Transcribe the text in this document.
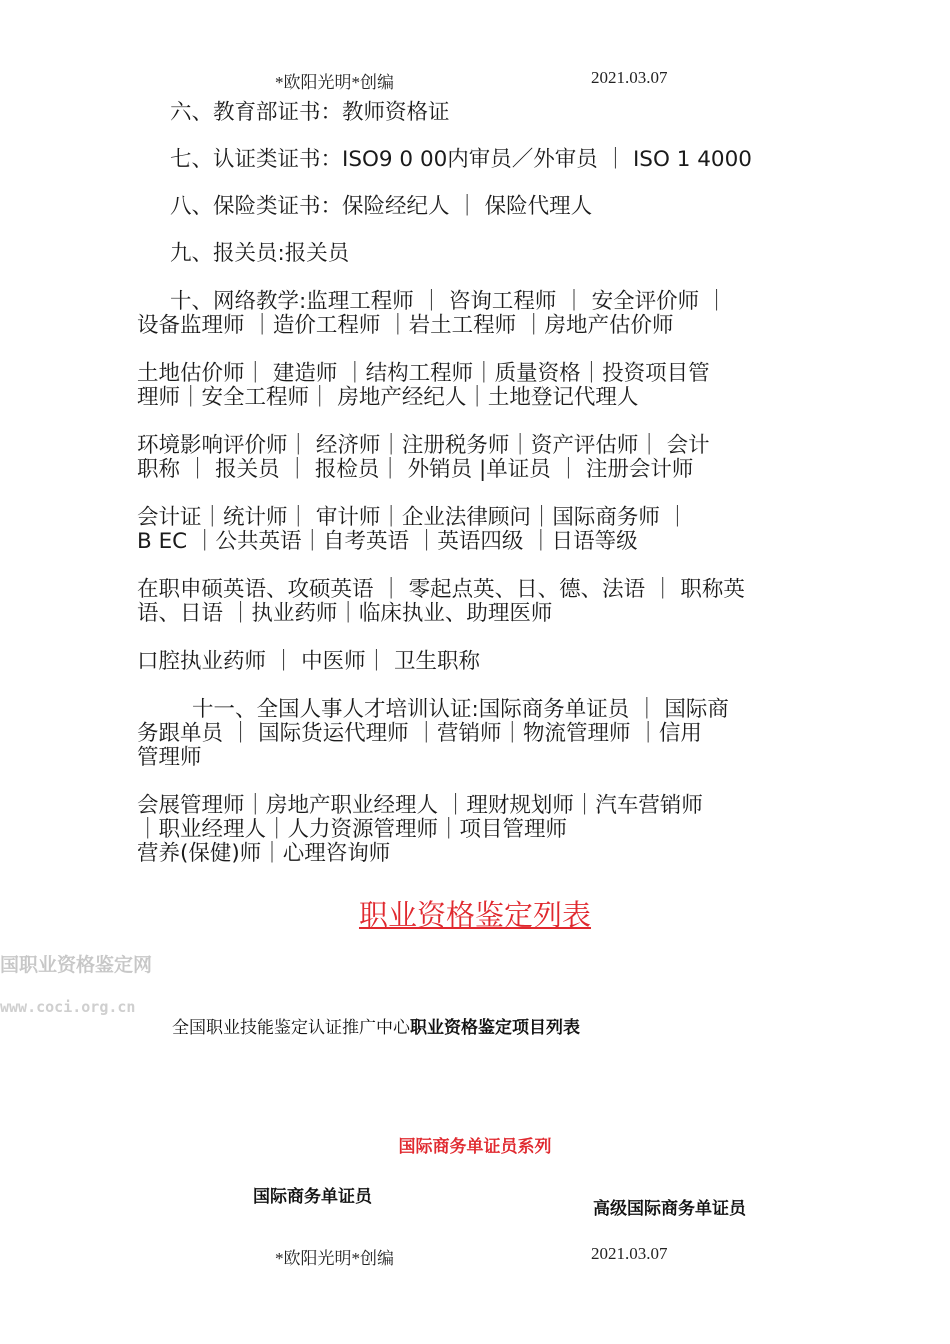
*欧阳光明*创编	2021.03.07
六、教育部证书：教师资格证
七、认证类证书：ISO9 0 00内审员／外审员 ｜ ISO 1 4000
八、保险类证书：保险经纪人 ｜ 保险代理人
九、报关员:报关员
十、网络教学:监理工程师 ｜ 咨询工程师 ｜ 安全评价师 ｜
设备监理师 ｜造价工程师 ｜岩土工程师 ｜房地产估价师
土地估价师｜ 建造师 ｜结构工程师｜质量资格｜投资项目管
理师｜安全工程师｜ 房地产经纪人｜土地登记代理人
环境影响评价师｜ 经济师｜注册税务师｜资产评估师｜ 会计
职称 ｜ 报关员 ｜ 报检员｜ 外销员 |单证员 ｜ 注册会计师
会计证｜统计师｜ 审计师｜企业法律顾问｜国际商务师 ｜
B EC ｜公共英语｜自考英语 ｜英语四级 ｜日语等级
在职申硕英语、攻硕英语 ｜ 零起点英、日、德、法语 ｜ 职称英
语、日语 ｜执业药师｜临床执业、助理医师
口腔执业药师 ｜ 中医师｜ 卫生职称
十一、全国人事人才培训认证:国际商务单证员 ｜ 国际商
务跟单员 ｜ 国际货运代理师 ｜营销师｜物流管理师 ｜信用
管理师
会展管理师｜房地产职业经理人 ｜理财规划师｜汽车营销师
｜职业经理人｜人力资源管理师｜项目管理师
营养(保健)师｜心理咨询师
职业资格鉴定列表
国职业资格鉴定网
www.coci.org.cn
全国职业技能鉴定认证推广中心职业资格鉴定项目列表
国际商务单证员系列
国际商务单证员
高级国际商务单证员
*欧阳光明*创编	2021.03.07
